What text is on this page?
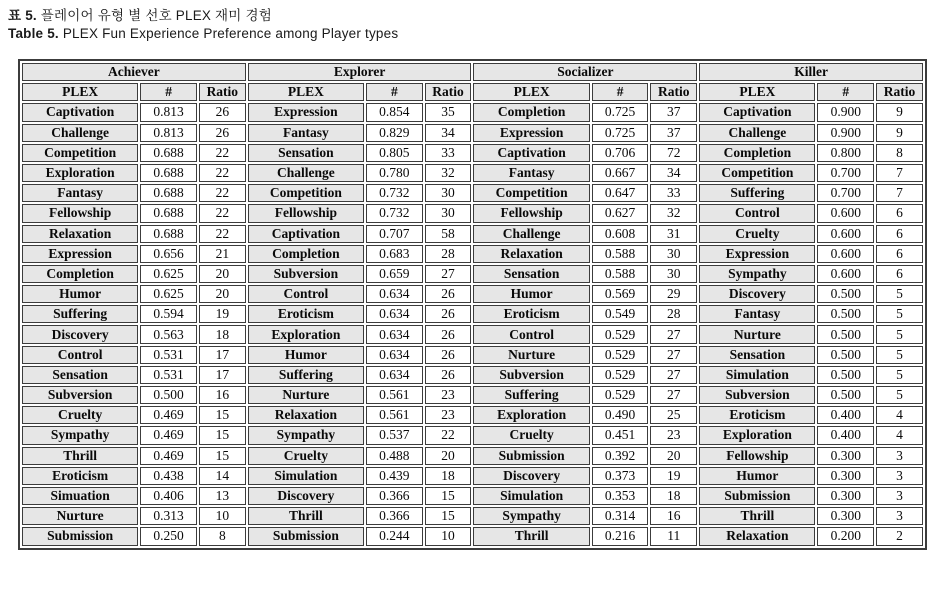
표 5. 플레이어 유형 별 선호 PLEX 재미 경험
Table 5. PLEX Fun Experience Preference among Player types
Achiever			Explorer			Socializer			Killer		
PLEX	#	Ratio	PLEX	#	Ratio	PLEX	#	Ratio	PLEX	#	Ratio
Captivation	0.813	26	Expression	0.854	35	Completion	0.725	37	Captivation	0.900	9
Challenge	0.813	26	Fantasy	0.829	34	Expression	0.725	37	Challenge	0.900	9
Competition	0.688	22	Sensation	0.805	33	Captivation	0.706	72	Completion	0.800	8
Exploration	0.688	22	Challenge	0.780	32	Fantasy	0.667	34	Competition	0.700	7
Fantasy	0.688	22	Competition	0.732	30	Competition	0.647	33	Suffering	0.700	7
Fellowship	0.688	22	Fellowship	0.732	30	Fellowship	0.627	32	Control	0.600	6
Relaxation	0.688	22	Captivation	0.707	58	Challenge	0.608	31	Cruelty	0.600	6
Expression	0.656	21	Completion	0.683	28	Relaxation	0.588	30	Expression	0.600	6
Completion	0.625	20	Subversion	0.659	27	Sensation	0.588	30	Sympathy	0.600	6
Humor	0.625	20	Control	0.634	26	Humor	0.569	29	Discovery	0.500	5
Suffering	0.594	19	Eroticism	0.634	26	Eroticism	0.549	28	Fantasy	0.500	5
Discovery	0.563	18	Exploration	0.634	26	Control	0.529	27	Nurture	0.500	5
Control	0.531	17	Humor	0.634	26	Nurture	0.529	27	Sensation	0.500	5
Sensation	0.531	17	Suffering	0.634	26	Subversion	0.529	27	Simulation	0.500	5
Subversion	0.500	16	Nurture	0.561	23	Suffering	0.529	27	Subversion	0.500	5
Cruelty	0.469	15	Relaxation	0.561	23	Exploration	0.490	25	Eroticism	0.400	4
Sympathy	0.469	15	Sympathy	0.537	22	Cruelty	0.451	23	Exploration	0.400	4
Thrill	0.469	15	Cruelty	0.488	20	Submission	0.392	20	Fellowship	0.300	3
Eroticism	0.438	14	Simulation	0.439	18	Discovery	0.373	19	Humor	0.300	3
Simuation	0.406	13	Discovery	0.366	15	Simulation	0.353	18	Submission	0.300	3
Nurture	0.313	10	Thrill	0.366	15	Sympathy	0.314	16	Thrill	0.300	3
Submission	0.250	8	Submission	0.244	10	Thrill	0.216	11	Relaxation	0.200	2
